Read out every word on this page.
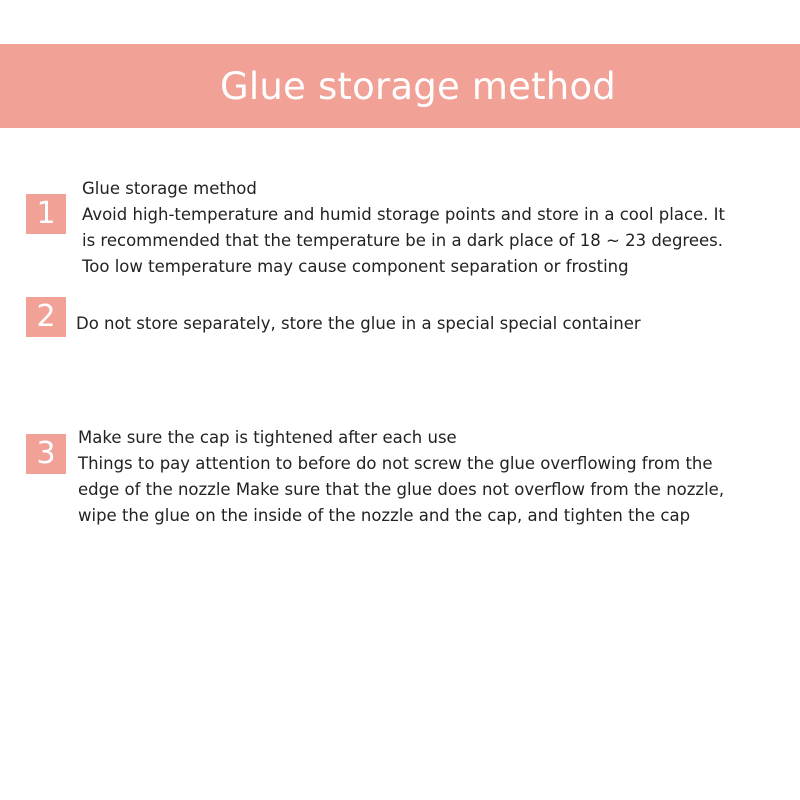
Glue storage method
1
Glue storage method
Avoid high-temperature and humid storage points and store in a cool place. It
is recommended that the temperature be in a dark place of 18 ~ 23 degrees.
Too low temperature may cause component separation or frosting
2	Do not store separately, store the glue in a special special container
3	Make sure the cap is tightened after each use
Things to pay attention to before do not screw the glue overflowing from the
edge of the nozzle Make sure that the glue does not overflow from the nozzle,
wipe the glue on the inside of the nozzle and the cap, and tighten the cap
